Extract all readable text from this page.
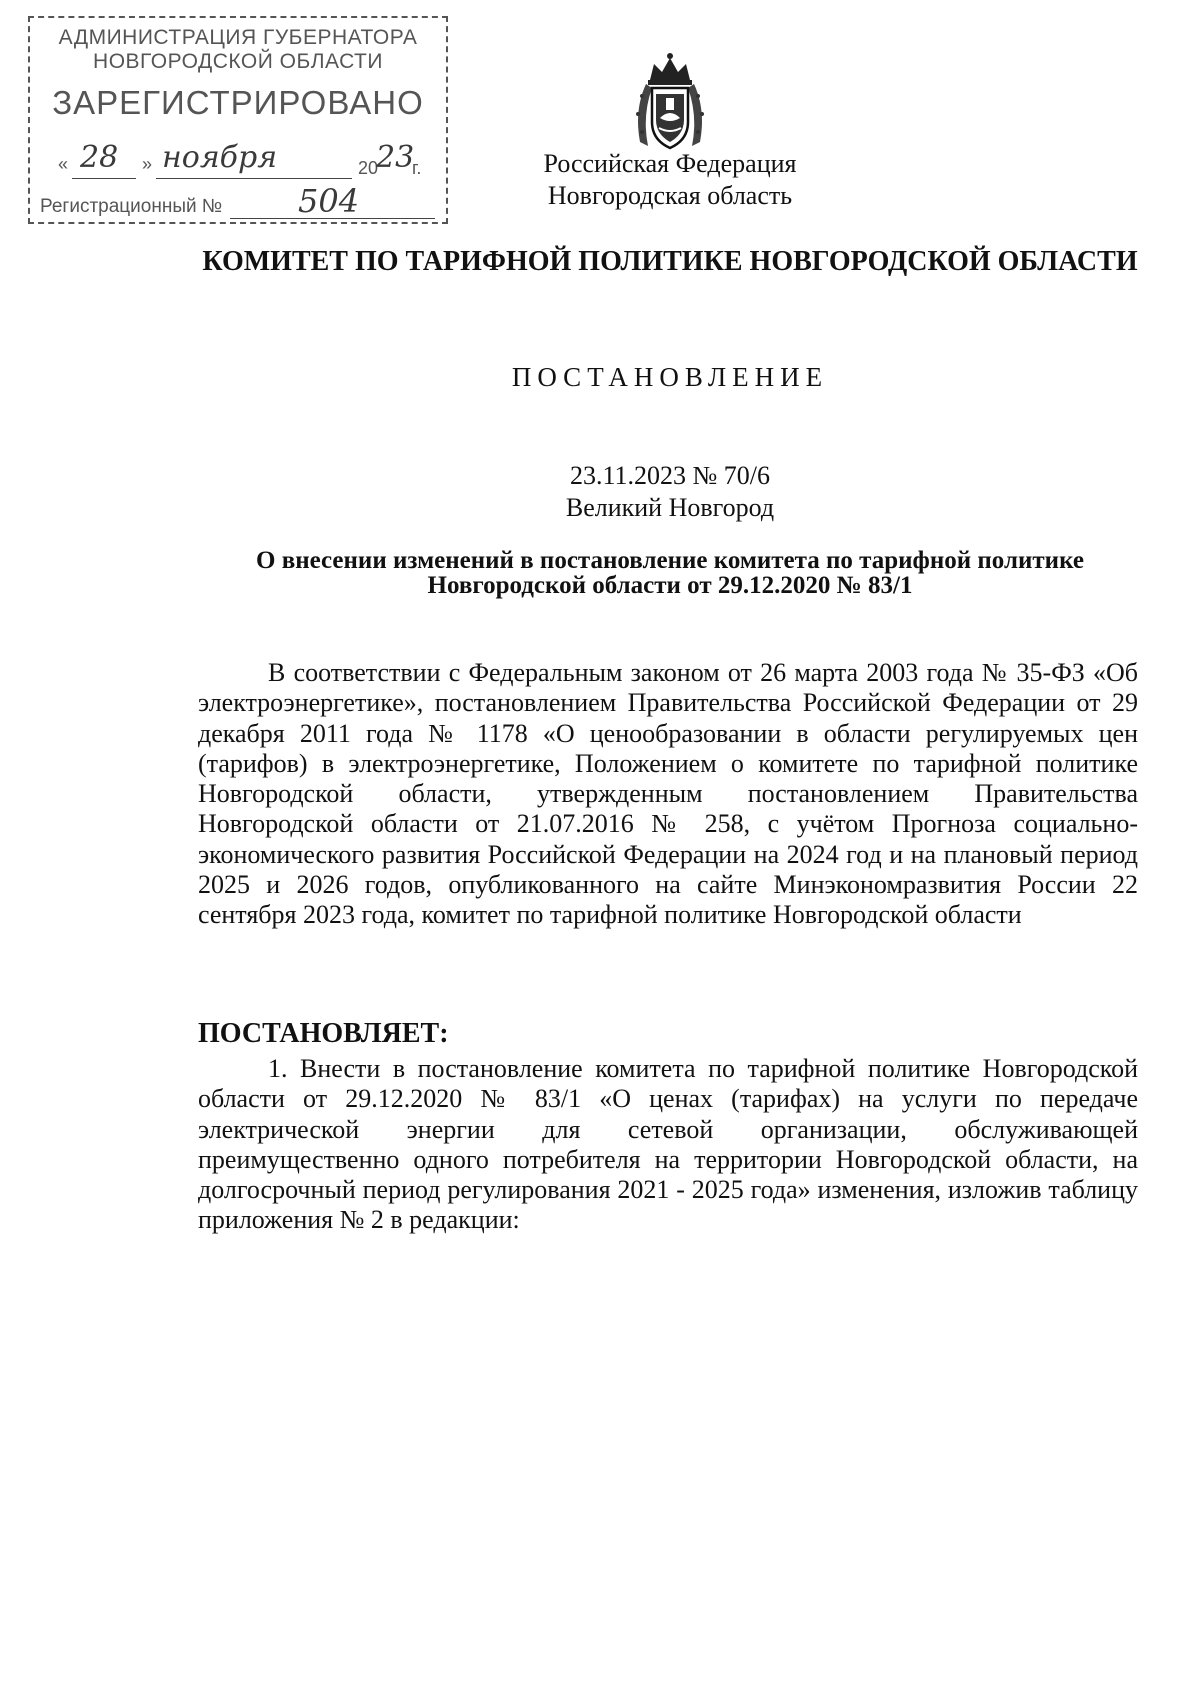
АДМИНИСТРАЦИЯ ГУБЕРНАТОРА
НОВГОРОДСКОЙ ОБЛАСТИ
ЗАРЕГИСТРИРОВАНО
« 28 » ноября	20
23
г.
Регистрационный № 504
Российская Федерация
Новгородская область
КОМИТЕТ ПО ТАРИФНОЙ ПОЛИТИКЕ НОВГОРОДСКОЙ ОБЛАСТИ
ПОСТАНОВЛЕНИЕ
23.11.2023 № 70/6
Великий Новгород
О внесении изменений в постановление комитета по тарифной политике Новгородской области от 29.12.2020 № 83/1

В соответствии с Федеральным законом от 26 марта 2003 года № 35-ФЗ «Об электроэнергетике», постановлением Правительства Российской Федерации от 29 декабря 2011 года № 1178 «О ценообразовании в области регулируемых цен (тарифов) в электроэнергетике, Положением о комитете по тарифной политике Новгородской области, утвержденным постановлением Правительства Новгородской области от 21.07.2016 № 258, с учётом Прогноза социально-экономического развития Российской Федерации на 2024 год и на плановый период 2025 и 2026 годов, опубликованного на сайте Минэкономразвития России 22 сентября 2023 года, комитет по тарифной политике Новгородской области

ПОСТАНОВЛЯЕТ:

1. Внести в постановление комитета по тарифной политике Новгородской области от 29.12.2020 № 83/1 «О ценах (тарифах) на услуги по передаче электрической энергии для сетевой организации, обслуживающей преимущественно одного потребителя на территории Новгородской области, на долгосрочный период регулирования 2021 - 2025 года» изменения, изложив таблицу приложения № 2 в редакции:
